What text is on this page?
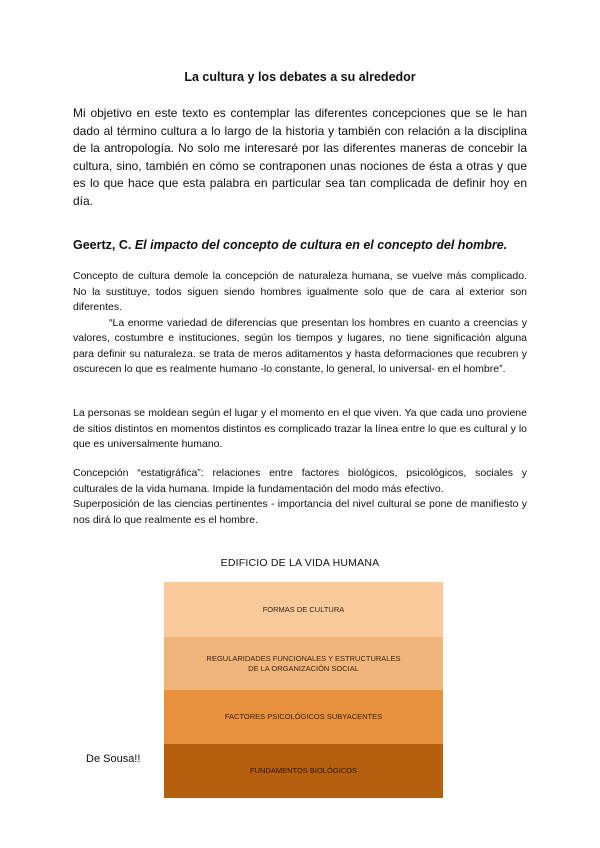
La cultura y los debates a su alrededor
Mi objetivo en este texto es contemplar las diferentes concepciones que se le han dado al término cultura a lo largo de la historia y también con relación a la disciplina de la antropología. No solo me interesaré por las diferentes maneras de concebir la cultura, sino, también en cómo se contraponen unas nociones de ésta a otras y que es lo que hace que esta palabra en particular sea tan complicada de definir hoy en día.
Geertz, C. El impacto del concepto de cultura en el concepto del hombre.

Concepto de cultura demole la concepción de naturaleza humana, se vuelve más complicado. No la sustituye, todos siguen siendo hombres igualmente solo que de cara al exterior son diferentes.

“La enorme variedad de diferencias que presentan los hombres en cuanto a creencias y valores, costumbre e instituciones, según los tiempos y lugares, no tiene significación alguna para definir su naturaleza. se trata de meros aditamentos y hasta deformaciones que recubren y oscurecen lo que es realmente humano -lo constante, lo general, lo universal- en el hombre”.

La personas se moldean según el lugar y el momento en el que viven. Ya que cada uno proviene de sitios distintos en momentos distintos es complicado trazar la línea entre lo que es cultural y lo que es universalmente humano.

Concepción “estatigráfica”: relaciones entre factores biológicos, psicológicos, sociales y culturales de la vida humana. Impide la fundamentación del modo más efectivo.

Superposición de las ciencias pertinentes - importancia del nivel cultural se pone de manifiesto y nos dirá lo que realmente es el hombre.

EDIFICIO DE LA VIDA HUMANA
FORMAS DE CULTURA
REGULARIDADES FUNCIONALES Y ESTRUCTURALES DE LA ORGANIZACIÓN SOCIAL
FACTORES PSICOLÓGICOS SUBYACENTES
FUNDAMENTOS BIOLÓGICOS
De Sousa!!
